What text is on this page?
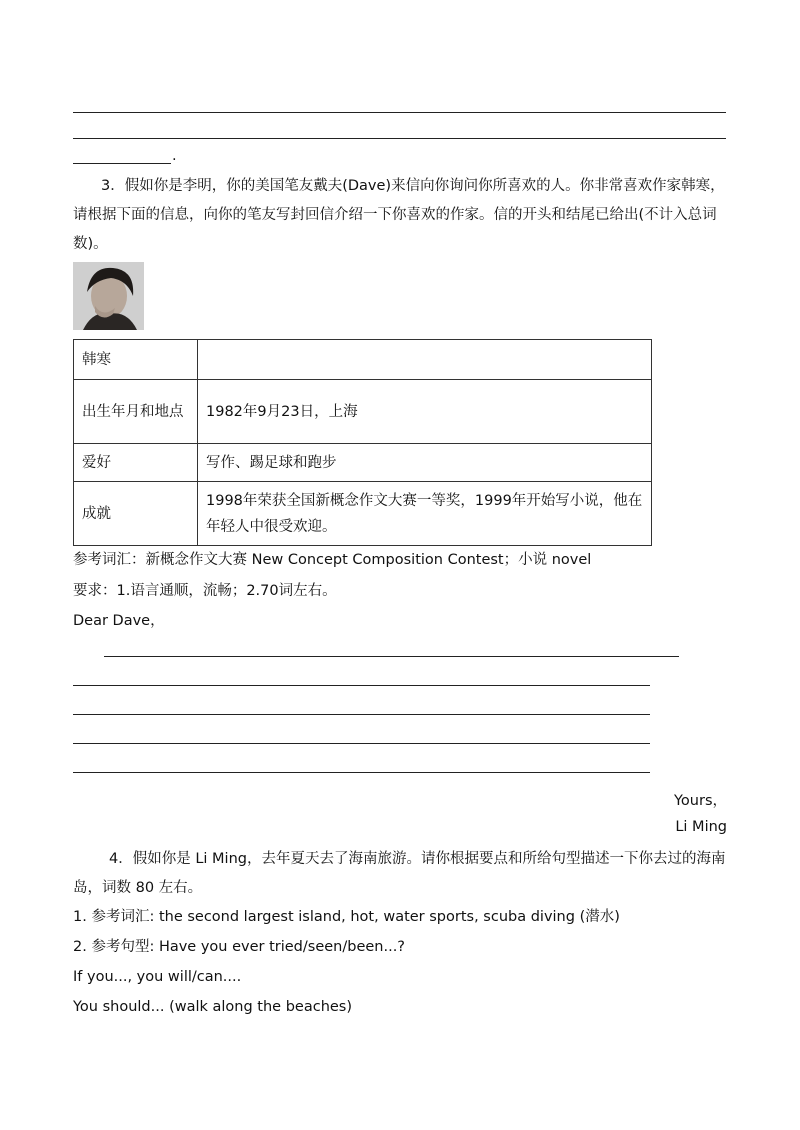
.
3．假如你是李明，你的美国笔友戴夫(Dave)来信向你询问你所喜欢的人。你非常喜欢作家韩寒，请根据下面的信息，向你的笔友写封回信介绍一下你喜欢的作家。信的开头和结尾已给出(不计入总词数)。
韩寒	
出生年月和地点	1982年9月23日，上海
爱好	写作、踢足球和跑步
成就	1998年荣获全国新概念作文大赛一等奖，1999年开始写小说，他在年轻人中很受欢迎。
参考词汇：新概念作文大赛 New Concept Composition Contest；小说 novel
要求：1.语言通顺，流畅；2.70词左右。
Dear Dave，
Yours，
Li Ming
4．假如你是 Li Ming，去年夏天去了海南旅游。请你根据要点和所给句型描述一下你去过的海南岛，词数 80 左右。
1. 参考词汇: the second largest island, hot, water sports, scuba diving (潜水)
2. 参考句型: Have you ever tried/seen/been...?
If you..., you will/can....
You should... (walk along the beaches)
